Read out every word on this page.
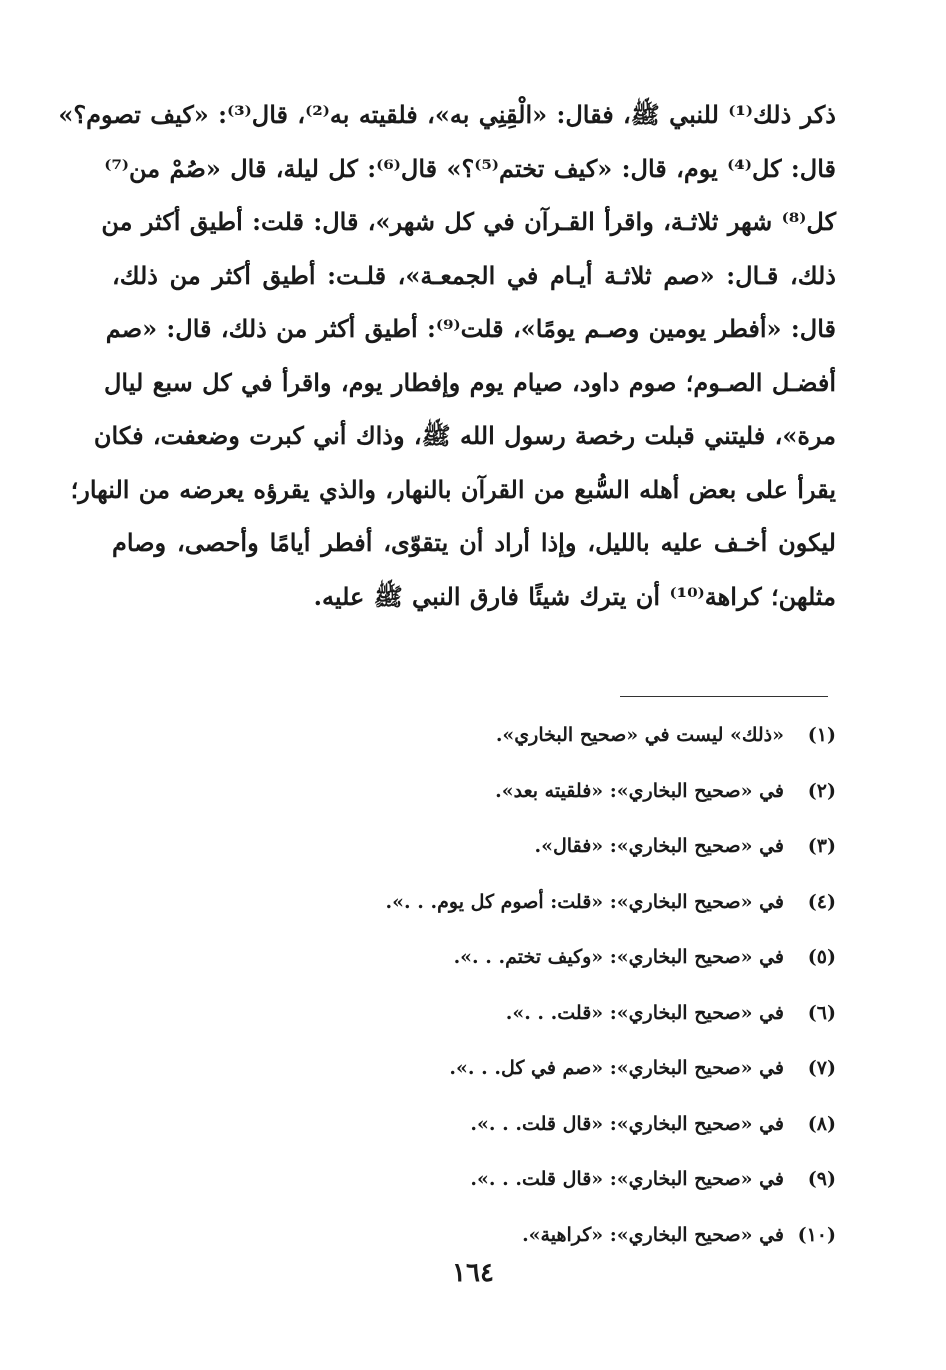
ذكر ذلك⁽¹⁾ للنبي ﷺ، فقال: «الْقِنِي به»، فلقيته به⁽²⁾، قال⁽³⁾: «كيف تصوم؟»
قال: كل⁽⁴⁾ يوم، قال: «كيف تختم⁽⁵⁾؟» قال⁽⁶⁾: كل ليلة، قال «صُمْ من⁽⁷⁾
كل⁽⁸⁾ شهر ثلاثـة، واقرأ القـرآن في كل شهر»، قال: قلت: أطيق أكثر من
ذلك، قـال: «صم ثلاثـة أيـام في الجمعـة»، قلـت: أطيق أكثر من ذلك،
قال: «أفطر يومين وصـم يومًا»، قلت⁽⁹⁾: أطيق أكثر من ذلك، قال: «صم
أفضـل الصـوم؛ صوم داود، صيام يوم وإفطار يوم، واقرأ في كل سبع ليال
مرة»، فليتني قبلت رخصة رسول الله ﷺ، وذاك أني كبرت وضعفت، فكان
يقرأ على بعض أهله السُّبع من القرآن بالنهار، والذي يقرؤه يعرضه من النهار؛
ليكون أخـف عليه بالليل، وإذا أراد أن يتقوّى، أفطر أيامًا وأحصى، وصام
مثلهن؛ كراهة⁽¹⁰⁾ أن يترك شيئًا فارق النبي ﷺ عليه.
(١)«ذلك» ليست في «صحيح البخاري».
(٢)في «صحيح البخاري»: «فلقيته بعد».
(٣)في «صحيح البخاري»: «فقال».
(٤)في «صحيح البخاري»: «قلت: أصوم كل يوم. . .».
(٥)في «صحيح البخاري»: «وكيف تختم. . .».
(٦)في «صحيح البخاري»: «قلت. . .».
(٧)في «صحيح البخاري»: «صم في كل. . .».
(٨)في «صحيح البخاري»: «قال قلت. . .».
(٩)في «صحيح البخاري»: «قال قلت. . .».
(١٠)في «صحيح البخاري»: «كراهية».
١٦٤
